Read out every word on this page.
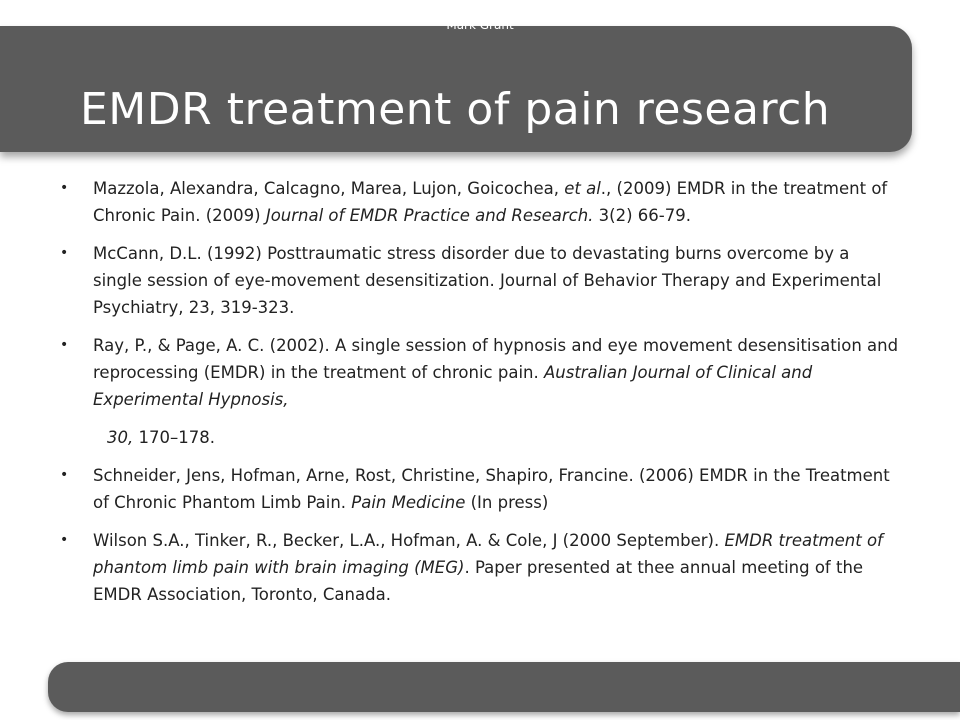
EMDR treatment of pain research
• Mazzola, Alexandra, Calcagno, Marea, Lujon, Goicochea, et al., (2009) EMDR in the treatment of Chronic Pain. (2009) Journal of EMDR Practice and Research. 3(2) 66-79.
• McCann, D.L. (1992) Posttraumatic stress disorder due to devastating burns overcome by a single session of eye-movement desensitization. Journal of Behavior Therapy and Experimental Psychiatry, 23, 319-323.
• Ray, P., & Page, A. C. (2002). A single session of hypnosis and eye movement desensitisation and reprocessing (EMDR) in the treatment of chronic pain. Australian Journal of Clinical and Experimental Hypnosis,
30, 170–178.
• Schneider, Jens, Hofman, Arne, Rost, Christine, Shapiro, Francine. (2006) EMDR in the Treatment of Chronic Phantom Limb Pain. Pain Medicine (In press)
• Wilson S.A., Tinker, R., Becker, L.A., Hofman, A. & Cole, J (2000 September). EMDR treatment of phantom limb pain with brain imaging (MEG). Paper presented at thee annual meeting of the EMDR Association, Toronto, Canada.
Mark Grant
